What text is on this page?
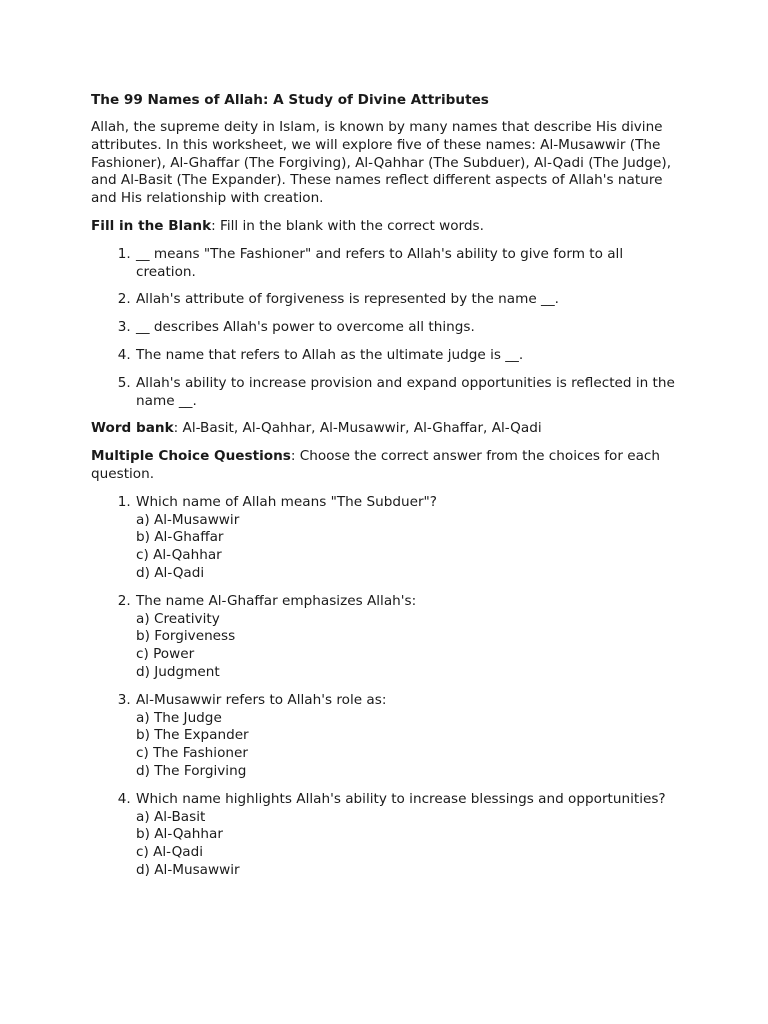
The 99 Names of Allah: A Study of Divine Attributes

Allah, the supreme deity in Islam, is known by many names that describe His divine attributes. In this worksheet, we will explore five of these names: Al-Musawwir (The Fashioner), Al-Ghaffar (The Forgiving), Al-Qahhar (The Subduer), Al-Qadi (The Judge), and Al-Basit (The Expander). These names reflect different aspects of Allah's nature and His relationship with creation.

Fill in the Blank: Fill in the blank with the correct words.

1. __ means "The Fashioner" and refers to Allah's ability to give form to all creation.
2. Allah's attribute of forgiveness is represented by the name __.
3. __ describes Allah's power to overcome all things.
4. The name that refers to Allah as the ultimate judge is __.
5. Allah's ability to increase provision and expand opportunities is reflected in the name __.

Word bank: Al-Basit, Al-Qahhar, Al-Musawwir, Al-Ghaffar, Al-Qadi

Multiple Choice Questions: Choose the correct answer from the choices for each question.

1. Which name of Allah means "The Subduer"?
a) Al-Musawwir
b) Al-Ghaffar
c) Al-Qahhar
d) Al-Qadi
2. The name Al-Ghaffar emphasizes Allah's:
a) Creativity
b) Forgiveness
c) Power
d) Judgment
3. Al-Musawwir refers to Allah's role as:
a) The Judge
b) The Expander
c) The Fashioner
d) The Forgiving
4. Which name highlights Allah's ability to increase blessings and opportunities?
a) Al-Basit
b) Al-Qahhar
c) Al-Qadi
d) Al-Musawwir
